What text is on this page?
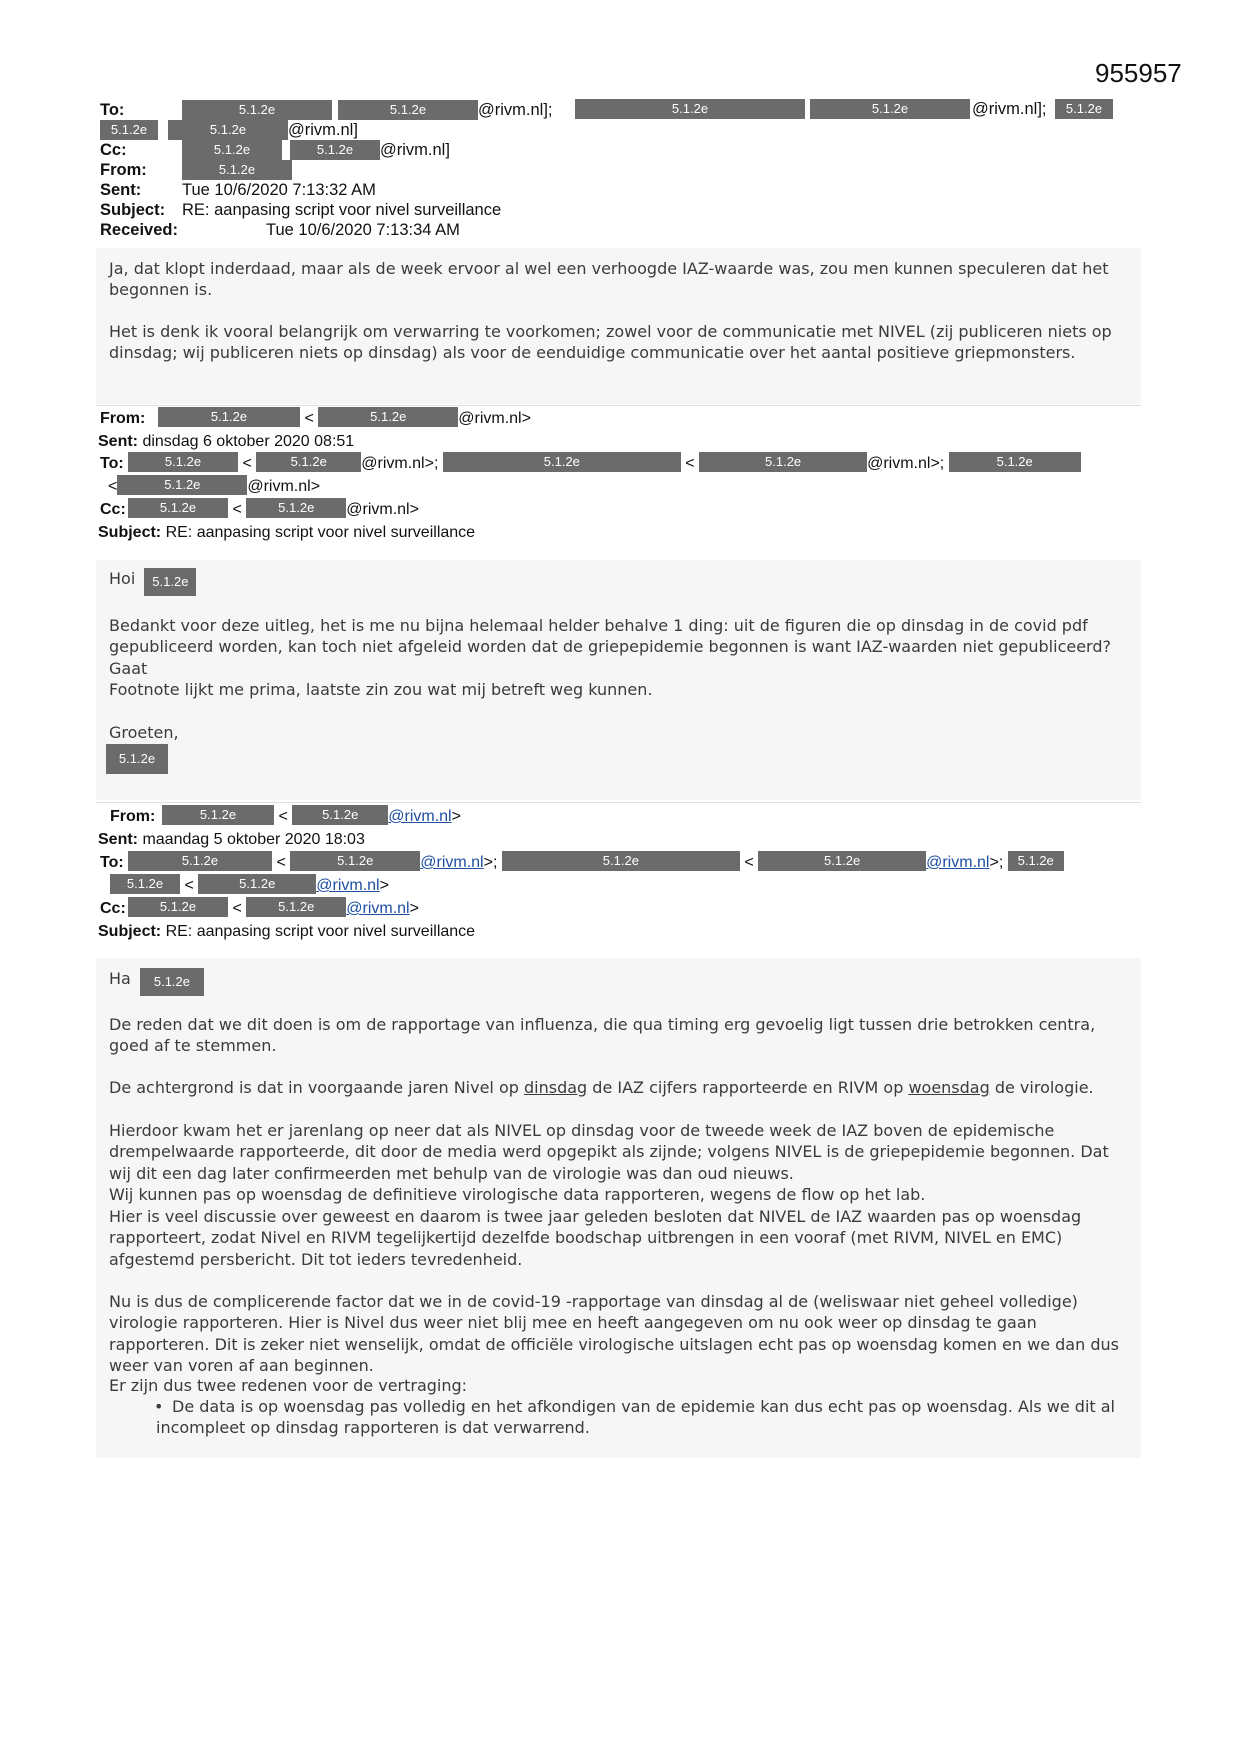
955957
To:	5.1.2e	5.1.2e	@rivm.nl];	5.1.2e	5.1.2e	@rivm.nl];	5.1.2e
5.1.2e	5.1.2e	@rivm.nl]
Cc:	5.1.2e	5.1.2e @rivm.nl]
From:	5.1.2e
Sent: Tue 10/6/2020 7:13:32 AM
Subject: RE: aanpasing script voor nivel surveillance
Received:	Tue 10/6/2020 7:13:34 AM

Ja, dat klopt inderdaad, maar als de week ervoor al wel een verhoogde IAZ-waarde was, zou men kunnen speculeren dat het begonnen is.

Het is denk ik vooral belangrijk om verwarring te voorkomen; zowel voor de communicatie met NIVEL (zij publiceren niets op dinsdag; wij publiceren niets op dinsdag) als voor de eenduidige communicatie over het aantal positieve griepmonsters.

From:	5.1.2e	<	5.1.2e	@rivm.nl>
Sent: dinsdag 6 oktober 2020 08:51
To:	5.1.2e	<	5.1.2e @rivm.nl>;	5.1.2e	<	5.1.2e	@rivm.nl>;	5.1.2e
<	5.1.2e	@rivm.nl>
Cc:	5.1.2e <	5.1.2e @rivm.nl>
Subject: RE: aanpasing script voor nivel surveillance
Hoi 5.1.2e

Bedankt voor deze uitleg, het is me nu bijna helemaal helder behalve 1 ding: uit de figuren die op dinsdag in de covid pdf gepubliceerd worden, kan toch niet afgeleid worden dat de griepepidemie begonnen is want IAZ-waarden niet gepubliceerd? Gaat

Footnote lijkt me prima, laatste zin zou wat mij betreft weg kunnen.

Groeten,

5.1.2e
From:	5.1.2e	<	5.1.2e @rivm.nl>
Sent: maandag 5 oktober 2020 18:03
To:	5.1.2e	<	5.1.2e	@rivm.nl>;	5.1.2e	<	5.1.2e	@rivm.nl>; 5.1.2e
5.1.2e <	5.1.2e	@rivm.nl>
Cc:	5.1.2e <	5.1.2e @rivm.nl>
Subject: RE: aanpasing script voor nivel surveillance
Ha 5.1.2e

De reden dat we dit doen is om de rapportage van influenza, die qua timing erg gevoelig ligt tussen drie betrokken centra, goed af te stemmen.

De achtergrond is dat in voorgaande jaren Nivel op dinsdag de IAZ cijfers rapporteerde en RIVM op woensdag de virologie.

Hierdoor kwam het er jarenlang op neer dat als NIVEL op dinsdag voor de tweede week de IAZ boven de epidemische drempelwaarde rapporteerde, dit door de media werd opgepikt als zijnde; volgens NIVEL is de griepepidemie begonnen. Dat wij dit een dag later confirmeerden met behulp van de virologie was dan oud nieuws.

Wij kunnen pas op woensdag de definitieve virologische data rapporteren, wegens de flow op het lab.

Hier is veel discussie over geweest en daarom is twee jaar geleden besloten dat NIVEL de IAZ waarden pas op woensdag rapporteert, zodat Nivel en RIVM tegelijkertijd dezelfde boodschap uitbrengen in een vooraf (met RIVM, NIVEL en EMC) afgestemd persbericht. Dit tot ieders tevredenheid.

Nu is dus de complicerende factor dat we in de covid-19 -rapportage van dinsdag al de (weliswaar niet geheel volledige) virologie rapporteren. Hier is Nivel dus weer niet blij mee en heeft aangegeven om nu ook weer op dinsdag te gaan rapporteren. Dit is zeker niet wenselijk, omdat de officiële virologische uitslagen echt pas op woensdag komen en we dan dus weer van voren af aan beginnen.

Er zijn dus twee redenen voor de vertraging:

• De data is op woensdag pas volledig en het afkondigen van de epidemie kan dus echt pas op woensdag. Als we dit al incompleet op dinsdag rapporteren is dat verwarrend.
